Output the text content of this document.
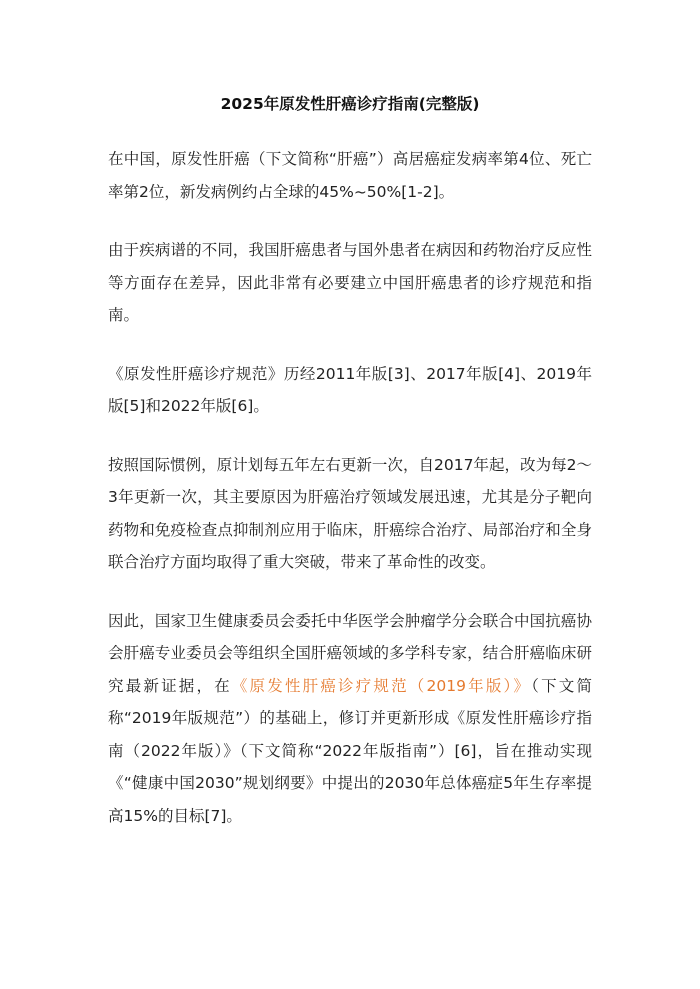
2025年原发性肝癌诊疗指南(完整版)

在中国，原发性肝癌（下文简称“肝癌”）高居癌症发病率第4位、死亡率第2位，新发病例约占全球的45%~50%[1-2]。

由于疾病谱的不同，我国肝癌患者与国外患者在病因和药物治疗反应性等方面存在差异，因此非常有必要建立中国肝癌患者的诊疗规范和指南。

《原发性肝癌诊疗规范》历经2011年版[3]、2017年版[4]、2019年版[5]和2022年版[6]。

按照国际惯例，原计划每五年左右更新一次，自2017年起，改为每2～3年更新一次，其主要原因为肝癌治疗领域发展迅速，尤其是分子靶向药物和免疫检查点抑制剂应用于临床，肝癌综合治疗、局部治疗和全身联合治疗方面均取得了重大突破，带来了革命性的改变。

因此，国家卫生健康委员会委托中华医学会肿瘤学分会联合中国抗癌协会肝癌专业委员会等组织全国肝癌领域的多学科专家，结合肝癌临床研究最新证据，在《原发性肝癌诊疗规范（2019年版）》（下文简称“2019年版规范”）的基础上，修订并更新形成《原发性肝癌诊疗指南（2022年版）》（下文简称“2022年版指南”）[6]，旨在推动实现《“健康中国2030”规划纲要》中提出的2030年总体癌症5年生存率提高15%的目标[7]。
